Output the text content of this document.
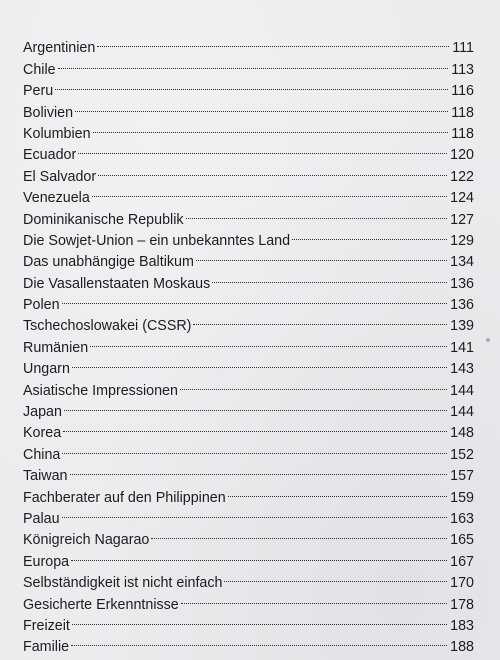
Argentinien	111
Chile	113
Peru	116
Bolivien	118
Kolumbien	118
Ecuador	120
El Salvador	122
Venezuela	124
Dominikanische Republik	127
Die Sowjet-Union – ein unbekanntes Land	129
Das unabhängige Baltikum	134
Die Vasallenstaaten Moskaus	136
Polen	136
Tschechoslowakei (CSSR)	139
Rumänien	141
Ungarn	143
Asiatische Impressionen	144
Japan	144
Korea	148
China	152
Taiwan	157
Fachberater auf den Philippinen	159
Palau	163
Königreich Nagarao	165
Europa	167
Selbständigkeit ist nicht einfach	170
Gesicherte Erkenntnisse	178
Freizeit	183
Familie	188
